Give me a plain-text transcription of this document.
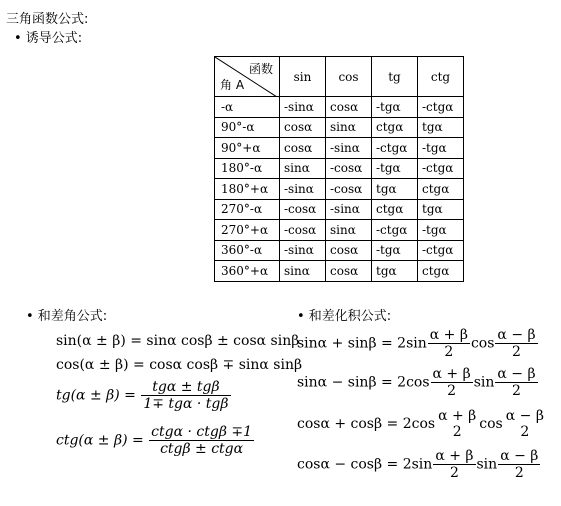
三角函数公式:
• 诱导公式:
函数
角 A	sin	cos	tg	ctg
-α	-sinα	cosα	-tgα	-ctgα
90°-α	cosα	sinα	ctgα	tgα
90°+α	cosα	-sinα	-ctgα	-tgα
180°-α	sinα	-cosα	-tgα	-ctgα
180°+α	-sinα	-cosα	tgα	ctgα
270°-α	-cosα	-sinα	ctgα	tgα
270°+α	-cosα	sinα	-ctgα	-tgα
360°-α	-sinα	cosα	-tgα	-ctgα
360°+α	sinα	cosα	tgα	ctgα
• 和差角公式:
sin(α ± β) = sinα cosβ ± cosα sinβ
cos(α ± β) = cosα cosβ ∓ sinα sinβ
$tg(\alpha \pm \beta) = \frac{\text{tgα ± tgβ}}{\text{1∓ tgα · tgβ}}$
$ctg(\alpha \pm \beta) = \frac{\text{ctgα · ctgβ ∓1}}{\text{ctgβ ± ctgα}}$
• 和差化积公式:
$\sin\alpha + \sin\beta = 2\sin \frac{\alpha + \beta}{2}$ $\cos \frac{\alpha - \beta}{2}$
$\sin\alpha - \sin\beta = 2\cos \frac{\alpha + \beta}{2}$ $\sin \frac{\alpha - \beta}{2}$
cosα + cosβ = 2cos
α + β
2	cos
α − β
2
$\cos\alpha - \cos\beta = 2\sin \frac{\alpha + \beta}{2}$ $\sin \frac{\alpha - \beta}{2}$
